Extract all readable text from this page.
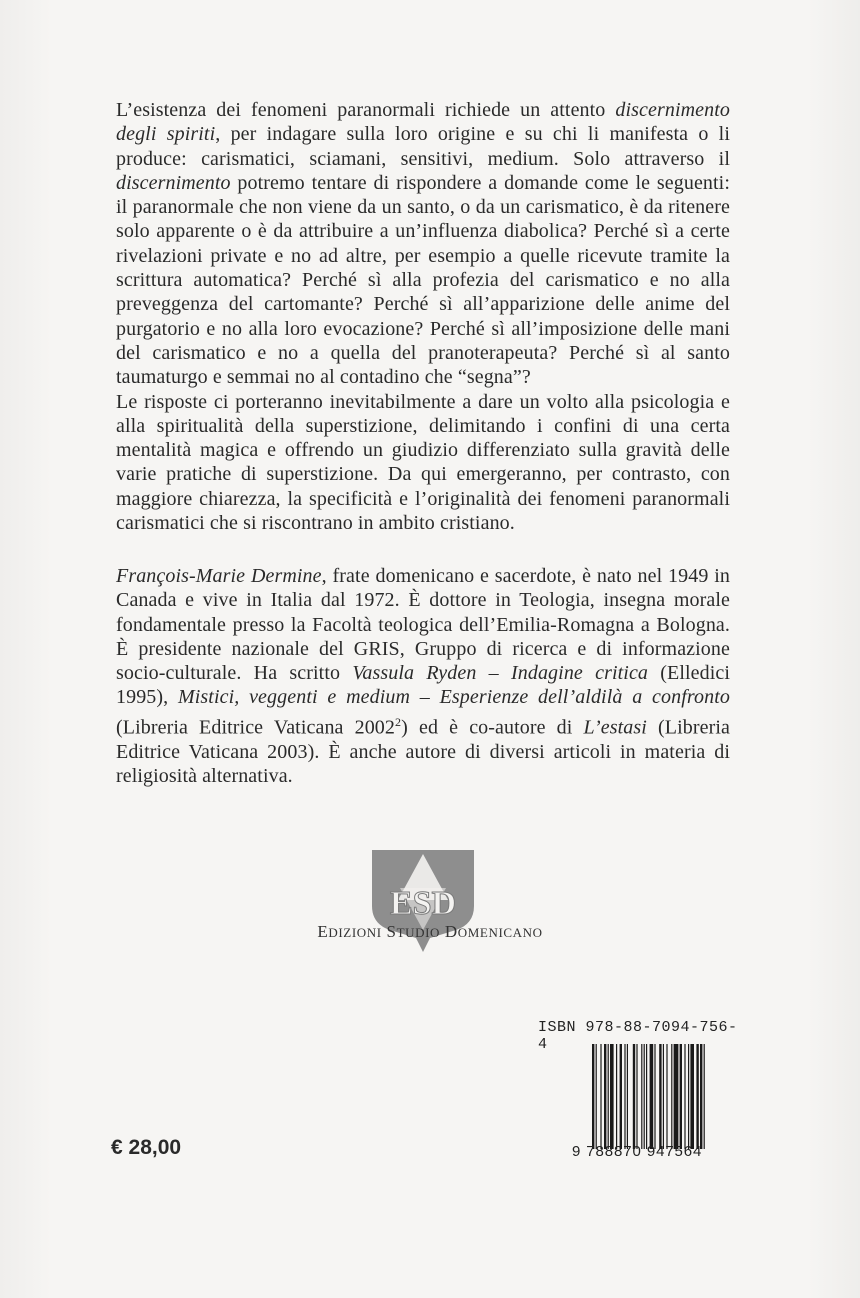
L’esistenza dei fenomeni paranormali richiede un attento discernimento degli spiriti, per indagare sulla loro origine e su chi li manifesta o li produce: carismatici, sciamani, sensitivi, medium. Solo attraverso il discernimento potremo tentare di rispondere a domande come le seguenti: il paranormale che non viene da un santo, o da un carismatico, è da ritenere solo apparente o è da attribuire a un’influenza diabolica? Perché sì a certe rivelazioni private e no ad altre, per esempio a quelle ricevute tramite la scrittura automatica? Perché sì alla profezia del carismatico e no alla preveggenza del cartomante? Perché sì all’apparizione delle anime del purgatorio e no alla loro evocazione? Perché sì all’imposizione delle mani del carismatico e no a quella del pranoterapeuta? Perché sì al santo taumaturgo e semmai no al contadino che “segna”?

Le risposte ci porteranno inevitabilmente a dare un volto alla psicologia e alla spiritualità della superstizione, delimitando i confini di una certa mentalità magica e offrendo un giudizio differenziato sulla gravità delle varie pratiche di superstizione. Da qui emergeranno, per contrasto, con maggiore chiarezza, la specificità e l’originalità dei fenomeni paranormali carismatici che si riscontrano in ambito cristiano.

François-Marie Dermine, frate domenicano e sacerdote, è nato nel 1949 in Canada e vive in Italia dal 1972. È dottore in Teologia, insegna morale fondamentale presso la Facoltà teologica dell’Emilia-Romagna a Bologna. È presidente nazionale del GRIS, Gruppo di ricerca e di informazione socio-culturale. Ha scritto Vassula Ryden – Indagine critica (Elledici 1995), Mistici, veggenti e medium – Esperienze dell’aldilà a confronto (Libreria Editrice Vaticana 2002$^2$) ed è co-autore di L’estasi (Libreria Editrice Vaticana 2003). È anche autore di diversi articoli in materia di religiosità alternativa.

ESD
EDIZIONI STUDIO DOMENICANO
ISBN 978-88-7094-756-4
9 788870 947564
€ 28,00
